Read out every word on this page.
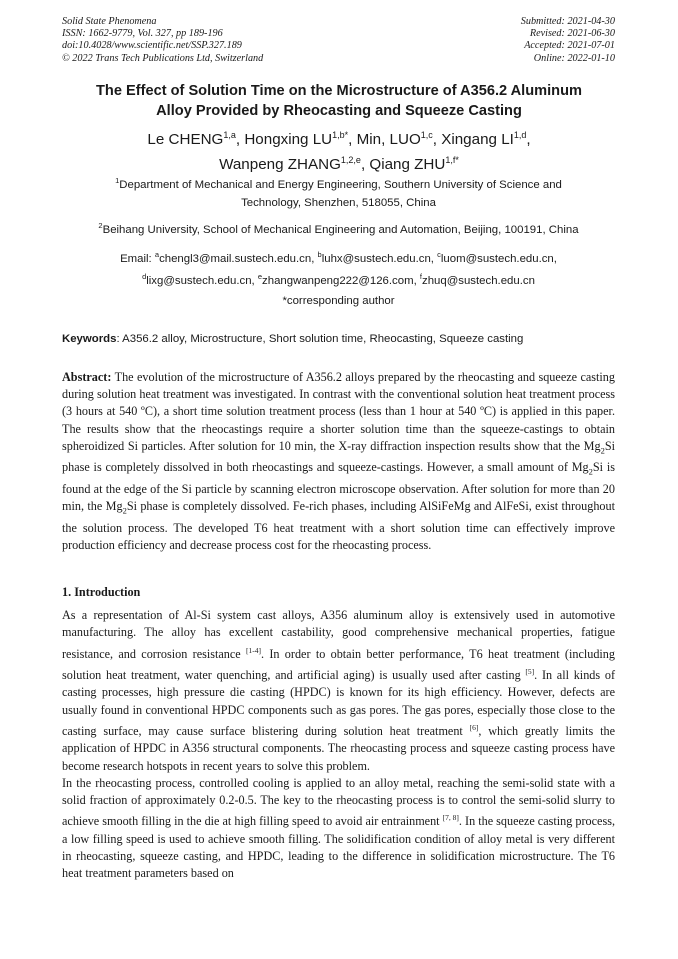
Solid State Phenomena
ISSN: 1662-9779, Vol. 327, pp 189-196
doi:10.4028/www.scientific.net/SSP.327.189
© 2022 Trans Tech Publications Ltd, Switzerland
Submitted: 2021-04-30
Revised: 2021-06-30
Accepted: 2021-07-01
Online: 2022-01-10
The Effect of Solution Time on the Microstructure of A356.2 Aluminum
Alloy Provided by Rheocasting and Squeeze Casting
Le CHENG$^{1,a}$, Hongxing $LU^{1,b*}$, Min, LUO$^{1,c}$, Xingang LI$^{1,d}$,
Wanpeng ZHANG$^{1,2,e}$, Qiang $ZHU^{1,f*}$
$^1$Department of Mechanical and Energy Engineering, Southern University of Science and
Technology, Shenzhen, 518055, China
$^2$Beihang University, School of Mechanical Engineering and Automation, Beijing, 100191, China
Email: $^a$chengl3@mail.sustech.edu.cn, $^b$luhx@sustech.edu.cn, $^c$luom@sustech.edu.cn,
$^d$lixg@sustech.edu.cn, $^e$zhangwanpeng222@126.com, $^f$zhuq@sustech.edu.cn
*corresponding author
Keywords: A356.2 alloy, Microstructure, Short solution time, Rheocasting, Squeeze casting
Abstract: The evolution of the microstructure of A356.2 alloys prepared by the rheocasting and squeeze casting during solution heat treatment was investigated. In contrast with the conventional solution heat treatment process (3 hours at 540 ºC), a short time solution treatment process (less than 1 hour at 540 ºC) is applied in this paper. The results show that the rheocastings require a shorter solution time than the squeeze-castings to obtain spheroidized Si particles. After solution for 10 min, the X-ray diffraction inspection results show that the $Mg_2Si$ phase is completely dissolved in both rheocastings and squeeze-castings. However, a small amount of $Mg_2Si$ is found at the edge of the Si particle by scanning electron microscope observation. After solution for more than 20 min, the $Mg_2Si$ phase is completely dissolved. Fe-rich phases, including AlSiFeMg and AlFeSi, exist throughout the solution process. The developed T6 heat treatment with a short solution time can effectively improve production efficiency and decrease process cost for the rheocasting process.
1. Introduction

As a representation of Al-Si system cast alloys, A356 aluminum alloy is extensively used in automotive manufacturing. The alloy has excellent castability, good comprehensive mechanical properties, fatigue resistance, and corrosion resistance [1-4]. In order to obtain better performance, T6 heat treatment (including solution heat treatment, water quenching, and artificial aging) is usually used after casting [5]. In all kinds of casting processes, high pressure die casting (HPDC) is known for its high efficiency. However, defects are usually found in conventional HPDC components such as gas pores. The gas pores, especially those close to the casting surface, may cause surface blistering during solution heat treatment [6], which greatly limits the application of HPDC in A356 structural components. The rheocasting process and squeeze casting process have become research hotspots in recent years to solve this problem.

In the rheocasting process, controlled cooling is applied to an alloy metal, reaching the semi-solid state with a solid fraction of approximately 0.2-0.5. The key to the rheocasting process is to control the semi-solid slurry to achieve smooth filling in the die at high filling speed to avoid air entrainment [7, 8]. In the squeeze casting process, a low filling speed is used to achieve smooth filling. The solidification condition of alloy metal is very different in rheocasting, squeeze casting, and HPDC, leading to the difference in solidification microstructure. The T6 heat treatment parameters based on
